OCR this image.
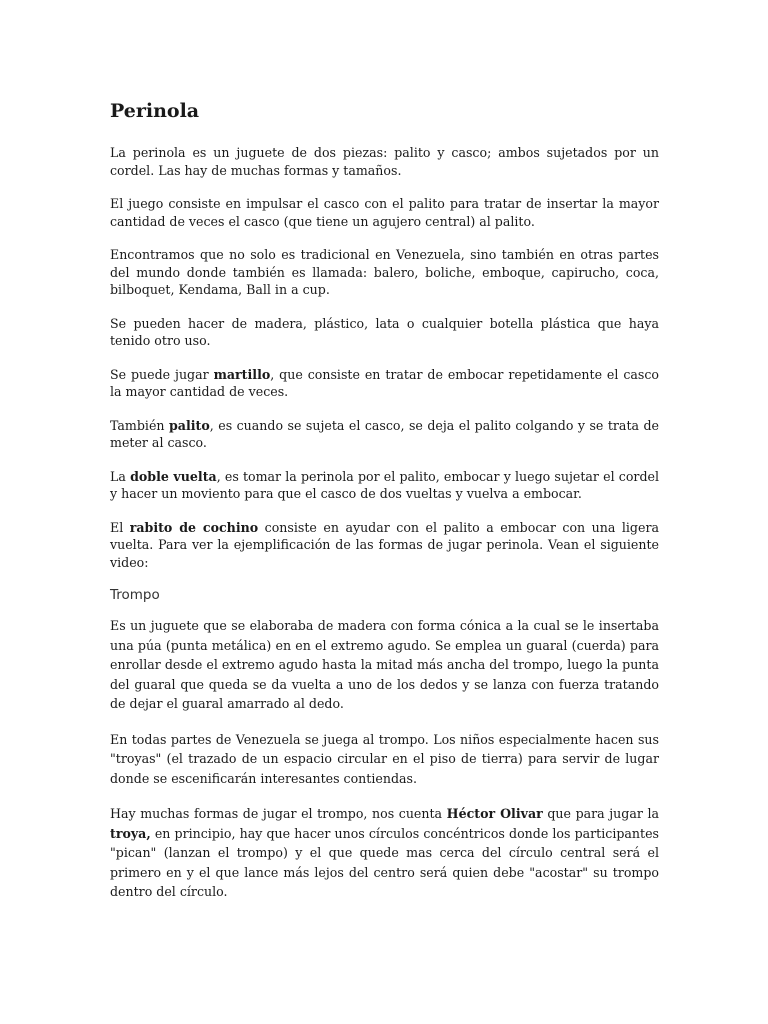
Perinola

La perinola es un juguete de dos piezas: palito y casco; ambos sujetados por un cordel. Las hay de muchas formas y tamaños.

El juego consiste en impulsar el casco con el palito para tratar de insertar la mayor cantidad de veces el casco (que tiene un agujero central) al palito.

Encontramos que no solo es tradicional en Venezuela, sino también en otras partes del mundo donde también es llamada: balero, boliche, emboque, capirucho, coca, bilboquet, Kendama, Ball in a cup.

Se pueden hacer de madera, plástico, lata o cualquier botella plástica que haya tenido otro uso.

Se puede jugar martillo, que consiste en tratar de embocar repetidamente el casco la mayor cantidad de veces.

También palito, es cuando se sujeta el casco, se deja el palito colgando y se trata de meter al casco.

La doble vuelta, es tomar la perinola por el palito, embocar y luego sujetar el cordel y hacer un moviento para que el casco de dos vueltas y vuelva a embocar.

El rabito de cochino consiste en ayudar con el palito a embocar con una ligera vuelta. Para ver la ejemplificación de las formas de jugar perinola. Vean el siguiente video:

Trompo

Es un juguete que se elaboraba de madera con forma cónica a la cual se le insertaba una púa (punta metálica) en en el extremo agudo. Se emplea un guaral (cuerda) para enrollar desde el extremo agudo hasta la mitad más ancha del trompo, luego la punta del guaral que queda se da vuelta a uno de los dedos y se lanza con fuerza tratando de dejar el guaral amarrado al dedo.

En todas partes de Venezuela se juega al trompo. Los niños especialmente hacen sus "troyas" (el trazado de un espacio circular en el piso de tierra) para servir de lugar donde se escenificarán interesantes contiendas.

Hay muchas formas de jugar el trompo, nos cuenta Héctor Olivar que para jugar la troya, en principio, hay que hacer unos círculos concéntricos donde los participantes "pican" (lanzan el trompo) y el que quede mas cerca del círculo central será el primero en y el que lance más lejos del centro será quien debe "acostar" su trompo dentro del círculo.
